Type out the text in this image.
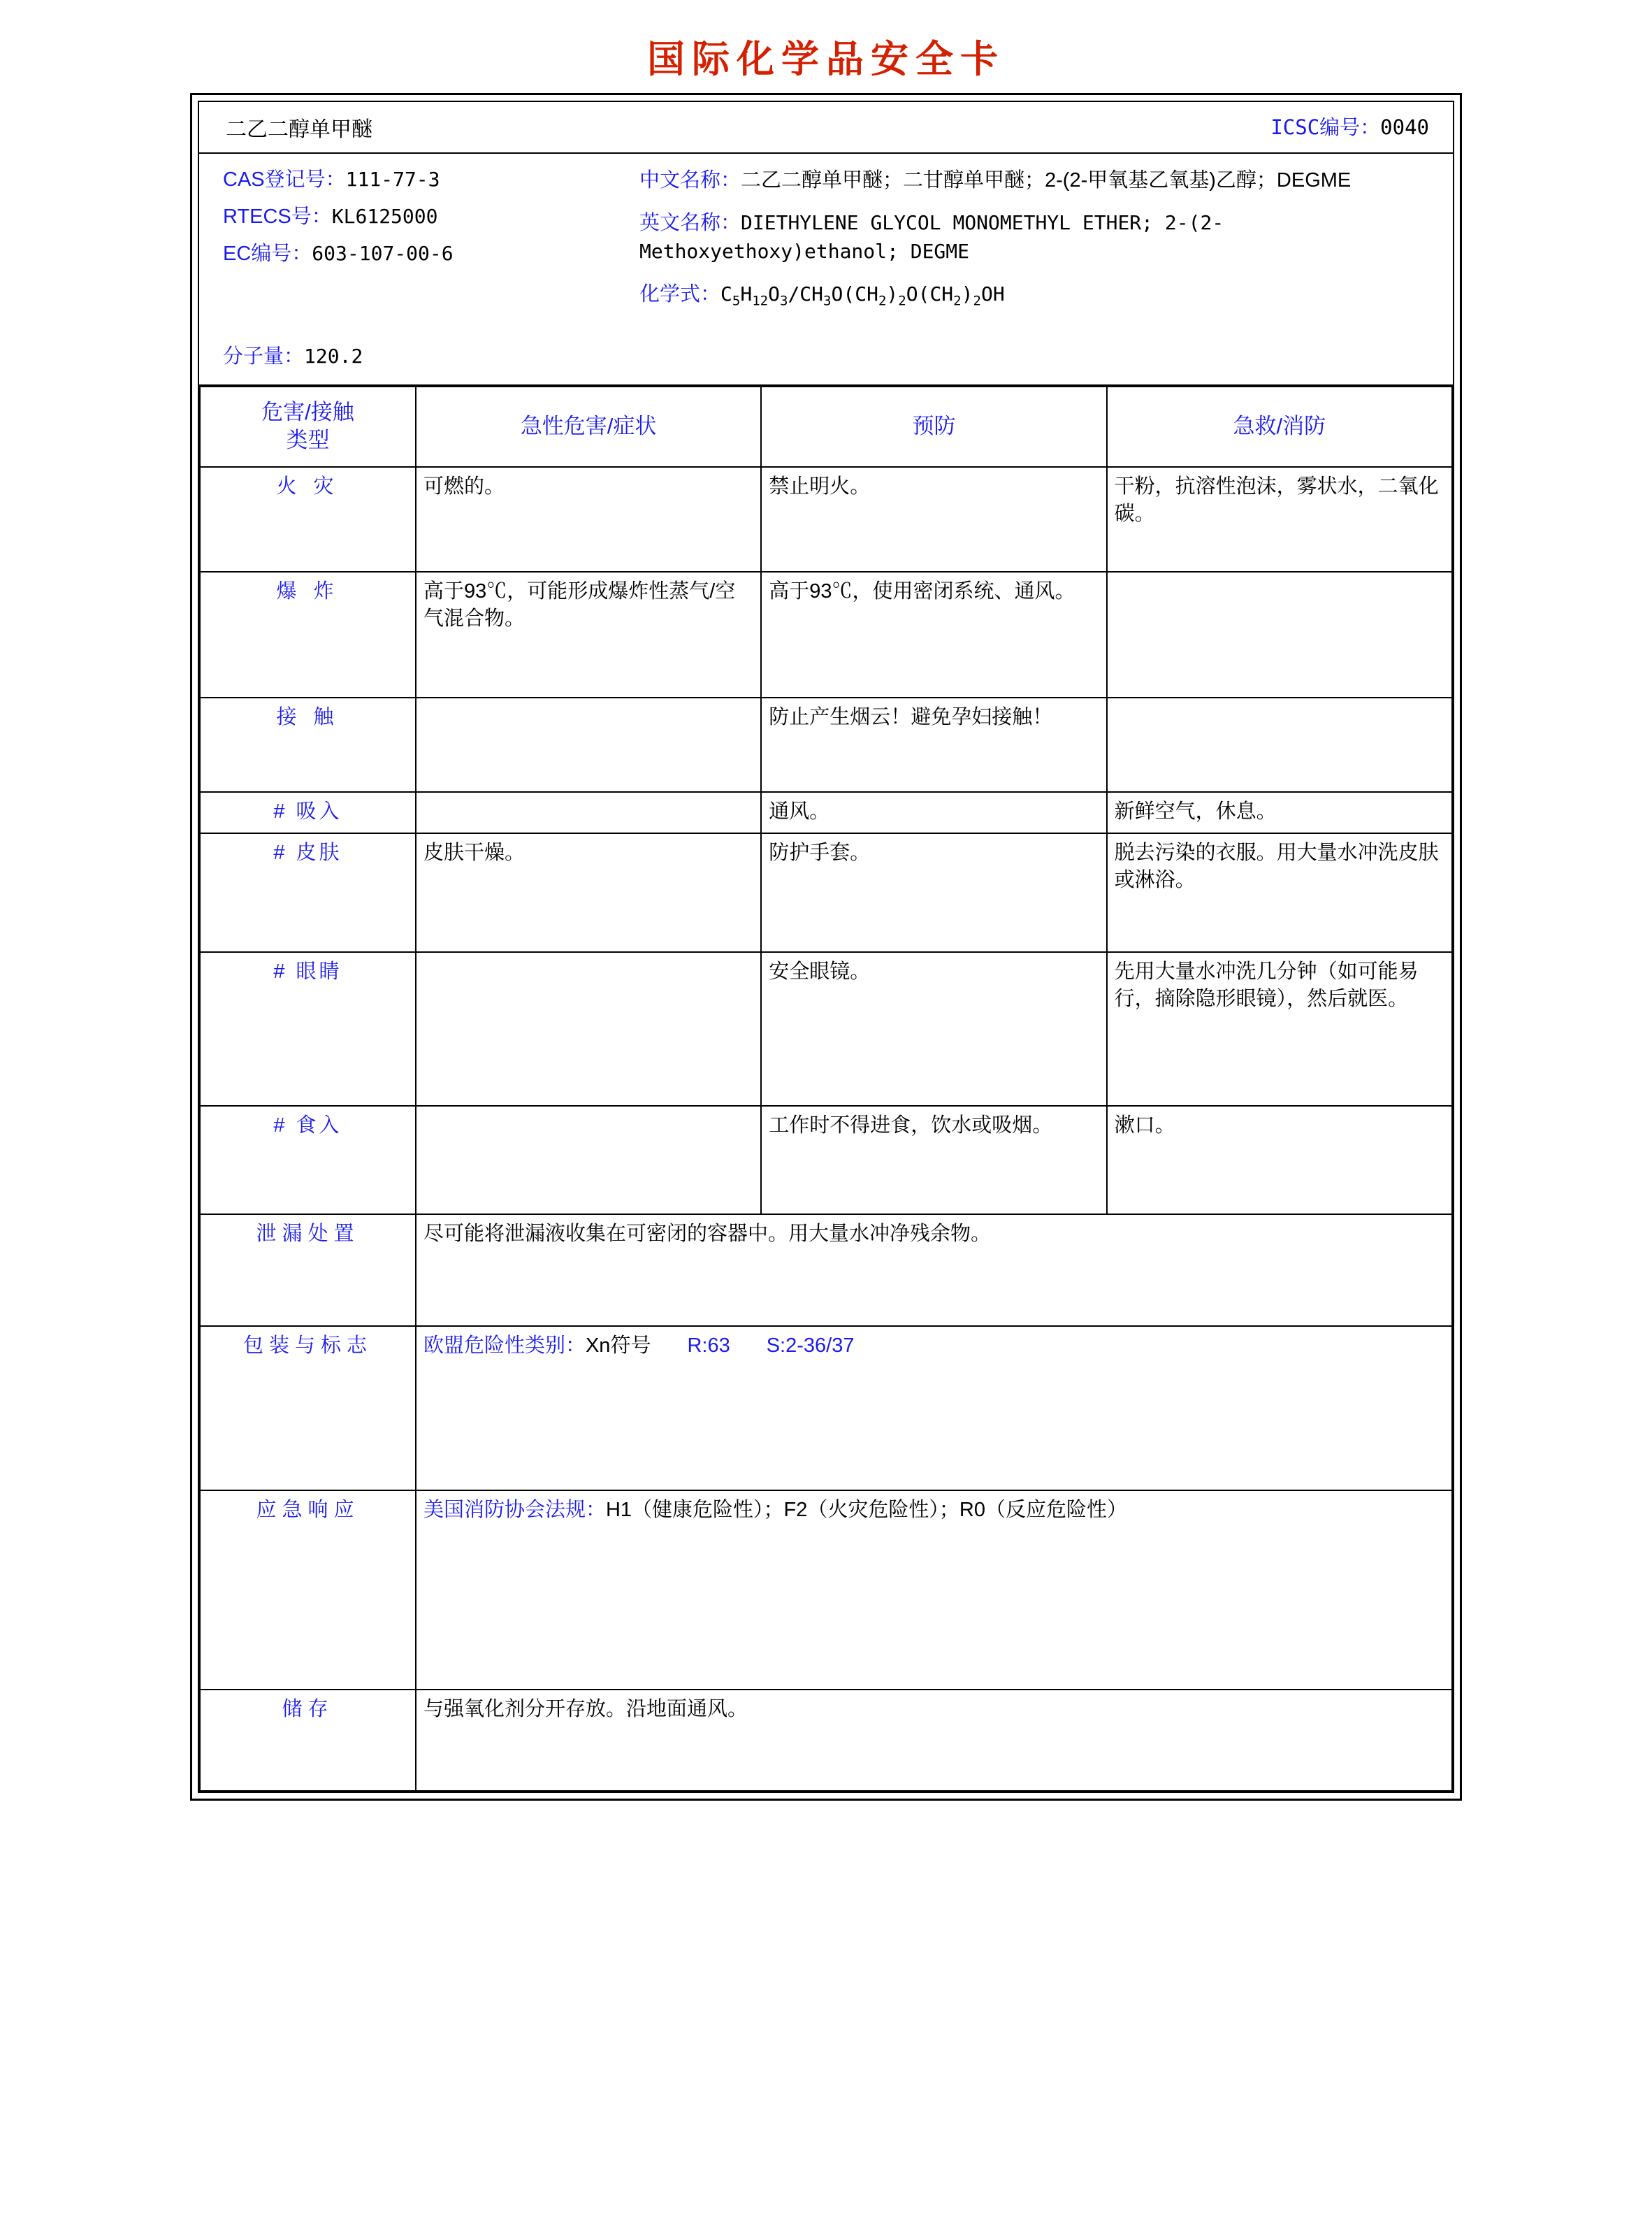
国际化学品安全卡
二乙二醇单甲醚	ICSC编号：0040
CAS登记号：111-77-3
RTECS号：KL6125000
EC编号：603-107-00-6
分子量：120.2
中文名称：二乙二醇单甲醚；二甘醇单甲醚；2-(2-甲氧基乙氧基)乙醇；DEGME
英文名称：DIETHYLENE GLYCOL MONOMETHYL ETHER; 2-(2-Methoxyethoxy)ethanol; DEGME
化学式：$C_5H_{12}O_3/CH_3O(CH_2)_2O(CH_2)_2OH$
危害/接触
类型	急性危害/症状	预防	急救/消防
火 灾	可燃的。	禁止明火。	干粉，抗溶性泡沫，雾状水，二氧化碳。
爆 炸	高于93℃，可能形成爆炸性蒸气/空气混合物。	高于93℃，使用密闭系统、通风。	
接 触		防止产生烟云！避免孕妇接触！	
# 吸入		通风。	新鲜空气，休息。
# 皮肤	皮肤干燥。	防护手套。	脱去污染的衣服。用大量水冲洗皮肤或淋浴。
# 眼睛		安全眼镜。	先用大量水冲洗几分钟（如可能易行，摘除隐形眼镜），然后就医。
# 食入		工作时不得进食，饮水或吸烟。	漱口。
泄漏处置	尽可能将泄漏液收集在可密闭的容器中。用大量水冲净残余物。		
包装与标志	欧盟危险性类别：Xn符号 R:63 S:2-36/37		
应急响应	美国消防协会法规：H1（健康危险性）；F2（火灾危险性）；R0（反应危险性）		
储存	与强氧化剂分开存放。沿地面通风。		
